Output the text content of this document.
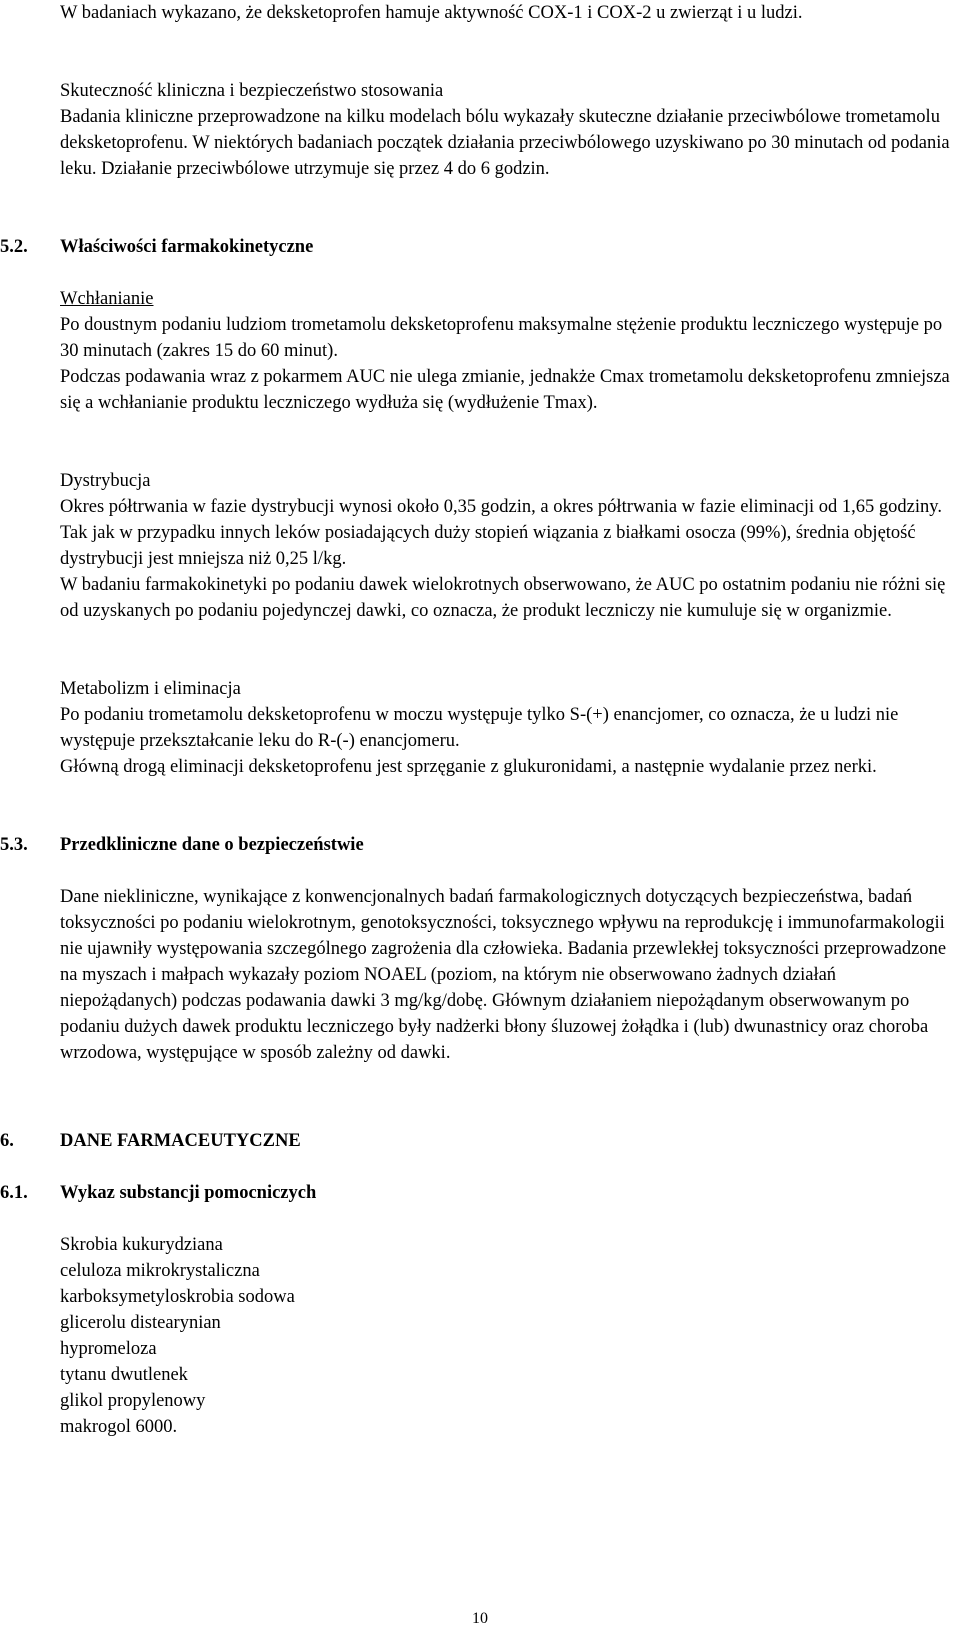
W badaniach wykazano, że deksketoprofen hamuje aktywność COX-1 i COX-2 u zwierząt i u ludzi.

Skuteczność kliniczna i bezpieczeństwo stosowania

Badania kliniczne przeprowadzone na kilku modelach bólu wykazały skuteczne działanie przeciwbólowe trometamolu deksketoprofenu. W niektórych badaniach początek działania przeciwbólowego uzyskiwano po 30 minutach od podania leku. Działanie przeciwbólowe utrzymuje się przez 4 do 6 godzin.

5.2.	Właściwości farmakokinetyczne

Wchłanianie

Po doustnym podaniu ludziom trometamolu deksketoprofenu maksymalne stężenie produktu leczniczego występuje po 30 minutach (zakres 15 do 60 minut).

Podczas podawania wraz z pokarmem AUC nie ulega zmianie, jednakże Cmax trometamolu deksketoprofenu zmniejsza się a wchłanianie produktu leczniczego wydłuża się (wydłużenie Tmax).

Dystrybucja

Okres półtrwania w fazie dystrybucji wynosi około 0,35 godzin, a okres półtrwania w fazie eliminacji od 1,65 godziny. Tak jak w przypadku innych leków posiadających duży stopień wiązania z białkami osocza (99%), średnia objętość dystrybucji jest mniejsza niż 0,25 l/kg.

W badaniu farmakokinetyki po podaniu dawek wielokrotnych obserwowano, że AUC po ostatnim podaniu nie różni się od uzyskanych po podaniu pojedynczej dawki, co oznacza, że produkt leczniczy nie kumuluje się w organizmie.

Metabolizm i eliminacja

Po podaniu trometamolu deksketoprofenu w moczu występuje tylko S-(+) enancjomer, co oznacza, że u ludzi nie występuje przekształcanie leku do R-(-) enancjomeru.

Główną drogą eliminacji deksketoprofenu jest sprzęganie z glukuronidami, a następnie wydalanie przez nerki.

5.3.	Przedkliniczne dane o bezpieczeństwie

Dane niekliniczne, wynikające z konwencjonalnych badań farmakologicznych dotyczących bezpieczeństwa, badań toksyczności po podaniu wielokrotnym, genotoksyczności, toksycznego wpływu na reprodukcję i immunofarmakologii nie ujawniły występowania szczególnego zagrożenia dla człowieka. Badania przewlekłej toksyczności przeprowadzone na myszach i małpach wykazały poziom NOAEL (poziom, na którym nie obserwowano żadnych działań niepożądanych) podczas podawania dawki 3 mg/kg/dobę. Głównym działaniem niepożądanym obserwowanym po podaniu dużych dawek produktu leczniczego były nadżerki błony śluzowej żołądka i (lub) dwunastnicy oraz choroba wrzodowa, występujące w sposób zależny od dawki.

6.	DANE FARMACEUTYCZNE
6.1.	Wykaz substancji pomocniczych

Skrobia kukurydziana

celuloza mikrokrystaliczna

karboksymetyloskrobia sodowa

glicerolu distearynian

hypromeloza

tytanu dwutlenek

glikol propylenowy

makrogol 6000.

10
